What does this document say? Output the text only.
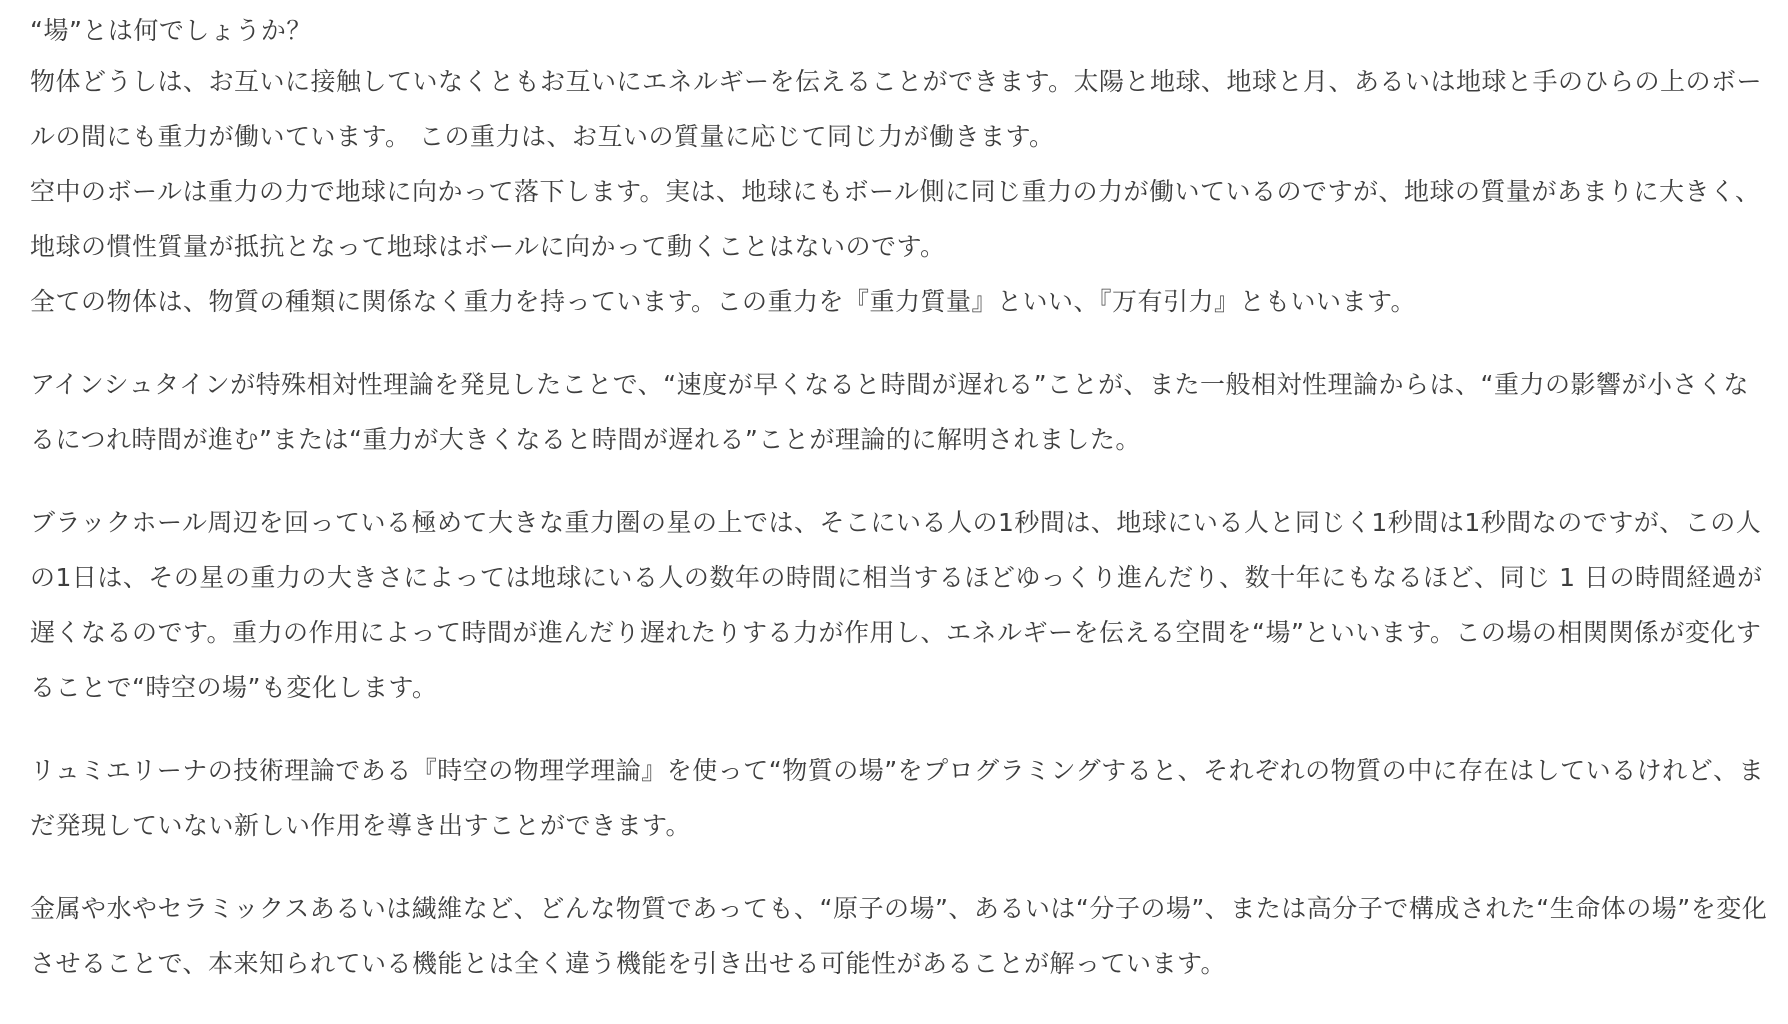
“場”とは何でしょうか？

物体どうしは、お互いに接触していなくともお互いにエネルギーを伝えることができます。太陽と地球、地球と月、あるいは地球と手のひらの上のボールの間にも重力が働いています。 この重力は、お互いの質量に応じて同じ力が働きます。

空中のボールは重力の力で地球に向かって落下します。実は、地球にもボール側に同じ重力の力が働いているのですが、地球の質量があまりに大きく、地球の慣性質量が抵抗となって地球はボールに向かって動くことはないのです。

全ての物体は、物質の種類に関係なく重力を持っています。この重力を『重力質量』といい、『万有引力』ともいいます。

アインシュタインが特殊相対性理論を発見したことで、“速度が早くなると時間が遅れる”ことが、また一般相対性理論からは、“重力の影響が小さくなるにつれ時間が進む”または“重力が大きくなると時間が遅れる”ことが理論的に解明されました。

ブラックホール周辺を回っている極めて大きな重力圏の星の上では、そこにいる人の1秒間は、地球にいる人と同じく1秒間は1秒間なのですが、この人の1日は、その星の重力の大きさによっては地球にいる人の数年の時間に相当するほどゆっくり進んだり、数十年にもなるほど、同じ 1 日の時間経過が遅くなるのです。重力の作用によって時間が進んだり遅れたりする力が作用し、エネルギーを伝える空間を“場”といいます。この場の相関関係が変化することで“時空の場”も変化します。

リュミエリーナの技術理論である『時空の物理学理論』を使って“物質の場”をプログラミングすると、それぞれの物質の中に存在はしているけれど、まだ発現していない新しい作用を導き出すことができます。

金属や水やセラミックスあるいは繊維など、どんな物質であっても、“原子の場”、あるいは“分子の場”、または高分子で構成された“生命体の場”を変化させることで、本来知られている機能とは全く違う機能を引き出せる可能性があることが解っています。
